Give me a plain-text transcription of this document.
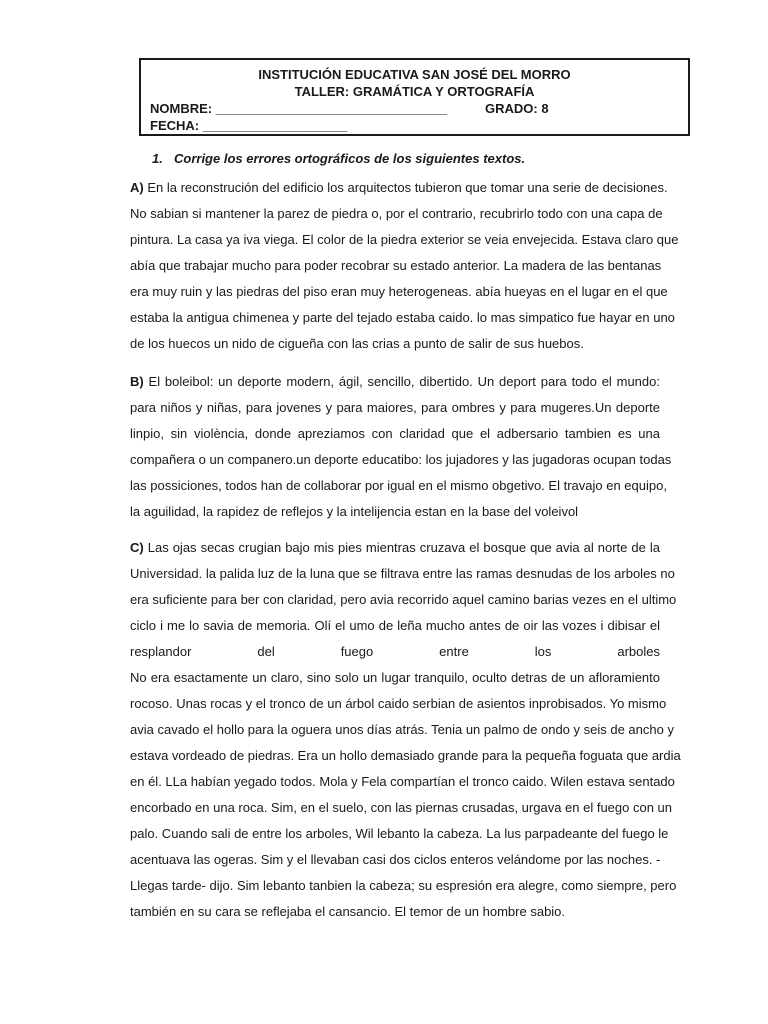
INSTITUCIÓN EDUCATIVA SAN JOSÉ DEL MORRO
TALLER: GRAMÁTICA Y ORTOGRAFÍA
NOMBRE: ________________________________	GRADO: 8
FECHA: ____________________
1. Corrige los errores ortográficos de los siguientes textos.
A) En la reconstrución del edificio los arquitectos tubieron que tomar una serie de decisiones.
No sabian si mantener la parez de piedra o, por el contrario, recubrirlo todo con una capa de
pintura. La casa ya iva viega. El color de la piedra exterior se veia envejecida. Estava claro que
abía que trabajar mucho para poder recobrar su estado anterior. La madera de las bentanas
era muy ruin y las piedras del piso eran muy heterogeneas. abía hueyas en el lugar en el que
estaba la antigua chimenea y parte del tejado estaba caido. lo mas simpatico fue hayar en uno
de los huecos un nido de cigueña con las crias a punto de salir de sus huebos.
B) El boleibol: un deporte modern, ágil, sencillo, dibertido. Un deport para todo el mundo:
para niños y niñas, para jovenes y para maiores, para ombres y para mugeres.Un deporte
linpio, sin violència, donde apreziamos con claridad que el adbersario tambien es una
compañera o un companero.un deporte educatibo: los jujadores y las jugadoras ocupan todas
las possiciones, todos han de collaborar por igual en el mismo obgetivo. El travajo en equipo,
la aguilidad, la rapidez de reflejos y la intelijencia estan en la base del voleivol
C) Las ojas secas crugian bajo mis pies mientras cruzava el bosque que avia al norte de la
Universidad. la palida luz de la luna que se filtrava entre las ramas desnudas de los arboles no
era suficiente para ber con claridad, pero avia recorrido aquel camino barias vezes en el ultimo
ciclo i me lo savia de memoria. Olí el umo de leña mucho antes de oir las vozes i dibisar el
resplandor del fuego entre los arboles
No era esactamente un claro, sino solo un lugar tranquilo, oculto detras de un afloramiento
rocoso. Unas rocas y el tronco de un árbol caido serbian de asientos inprobisados. Yo mismo
avia cavado el hollo para la oguera unos días atrás. Tenia un palmo de ondo y seis de ancho y
estava vordeado de piedras. Era un hollo demasiado grande para la pequeña foguata que ardia
en él. LLa habían yegado todos. Mola y Fela compartían el tronco caido. Wilen estava sentado
encorbado en una roca. Sim, en el suelo, con las piernas crusadas, urgava en el fuego con un
palo. Cuando sali de entre los arboles, Wil lebanto la cabeza. La lus parpadeante del fuego le
acentuava las ogeras. Sim y el llevaban casi dos ciclos enteros velándome por las noches. -
Llegas tarde- dijo. Sim lebanto tanbien la cabeza; su espresión era alegre, como siempre, pero
también en su cara se reflejaba el cansancio. El temor de un hombre sabio.
